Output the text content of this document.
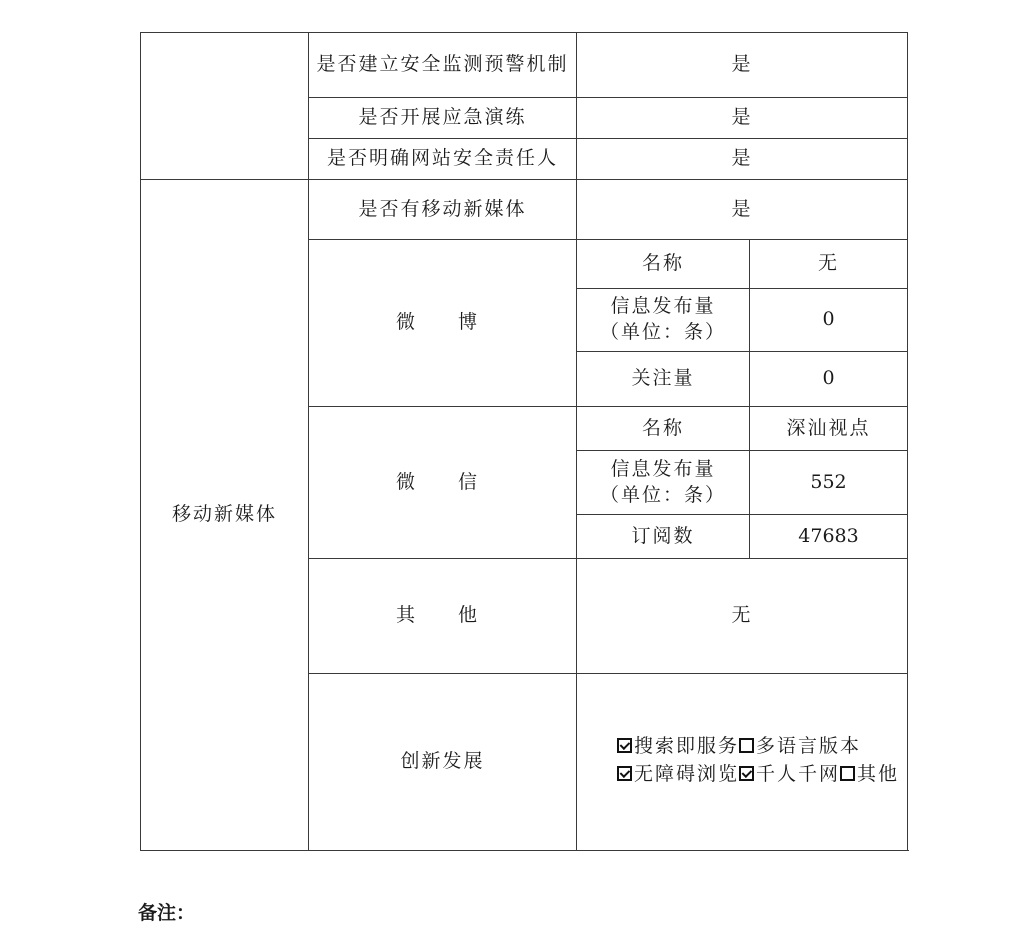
	是否建立安全监测预警机制	是	
	是否开展应急演练	是	
	是否明确网站安全责任人	是	
移动新媒体	是否有移动新媒体	是	
	微　博	名称	无

		信息发布量
（单位：条）	0
		关注量	0
	微　信	名称	深汕视点

		信息发布量
（单位：条）	552
		订阅数	47683
	其　他	无	
	创新发展	搜索即服务 多语言版本
无障碍浏览 千人千网 其他	
备注：
